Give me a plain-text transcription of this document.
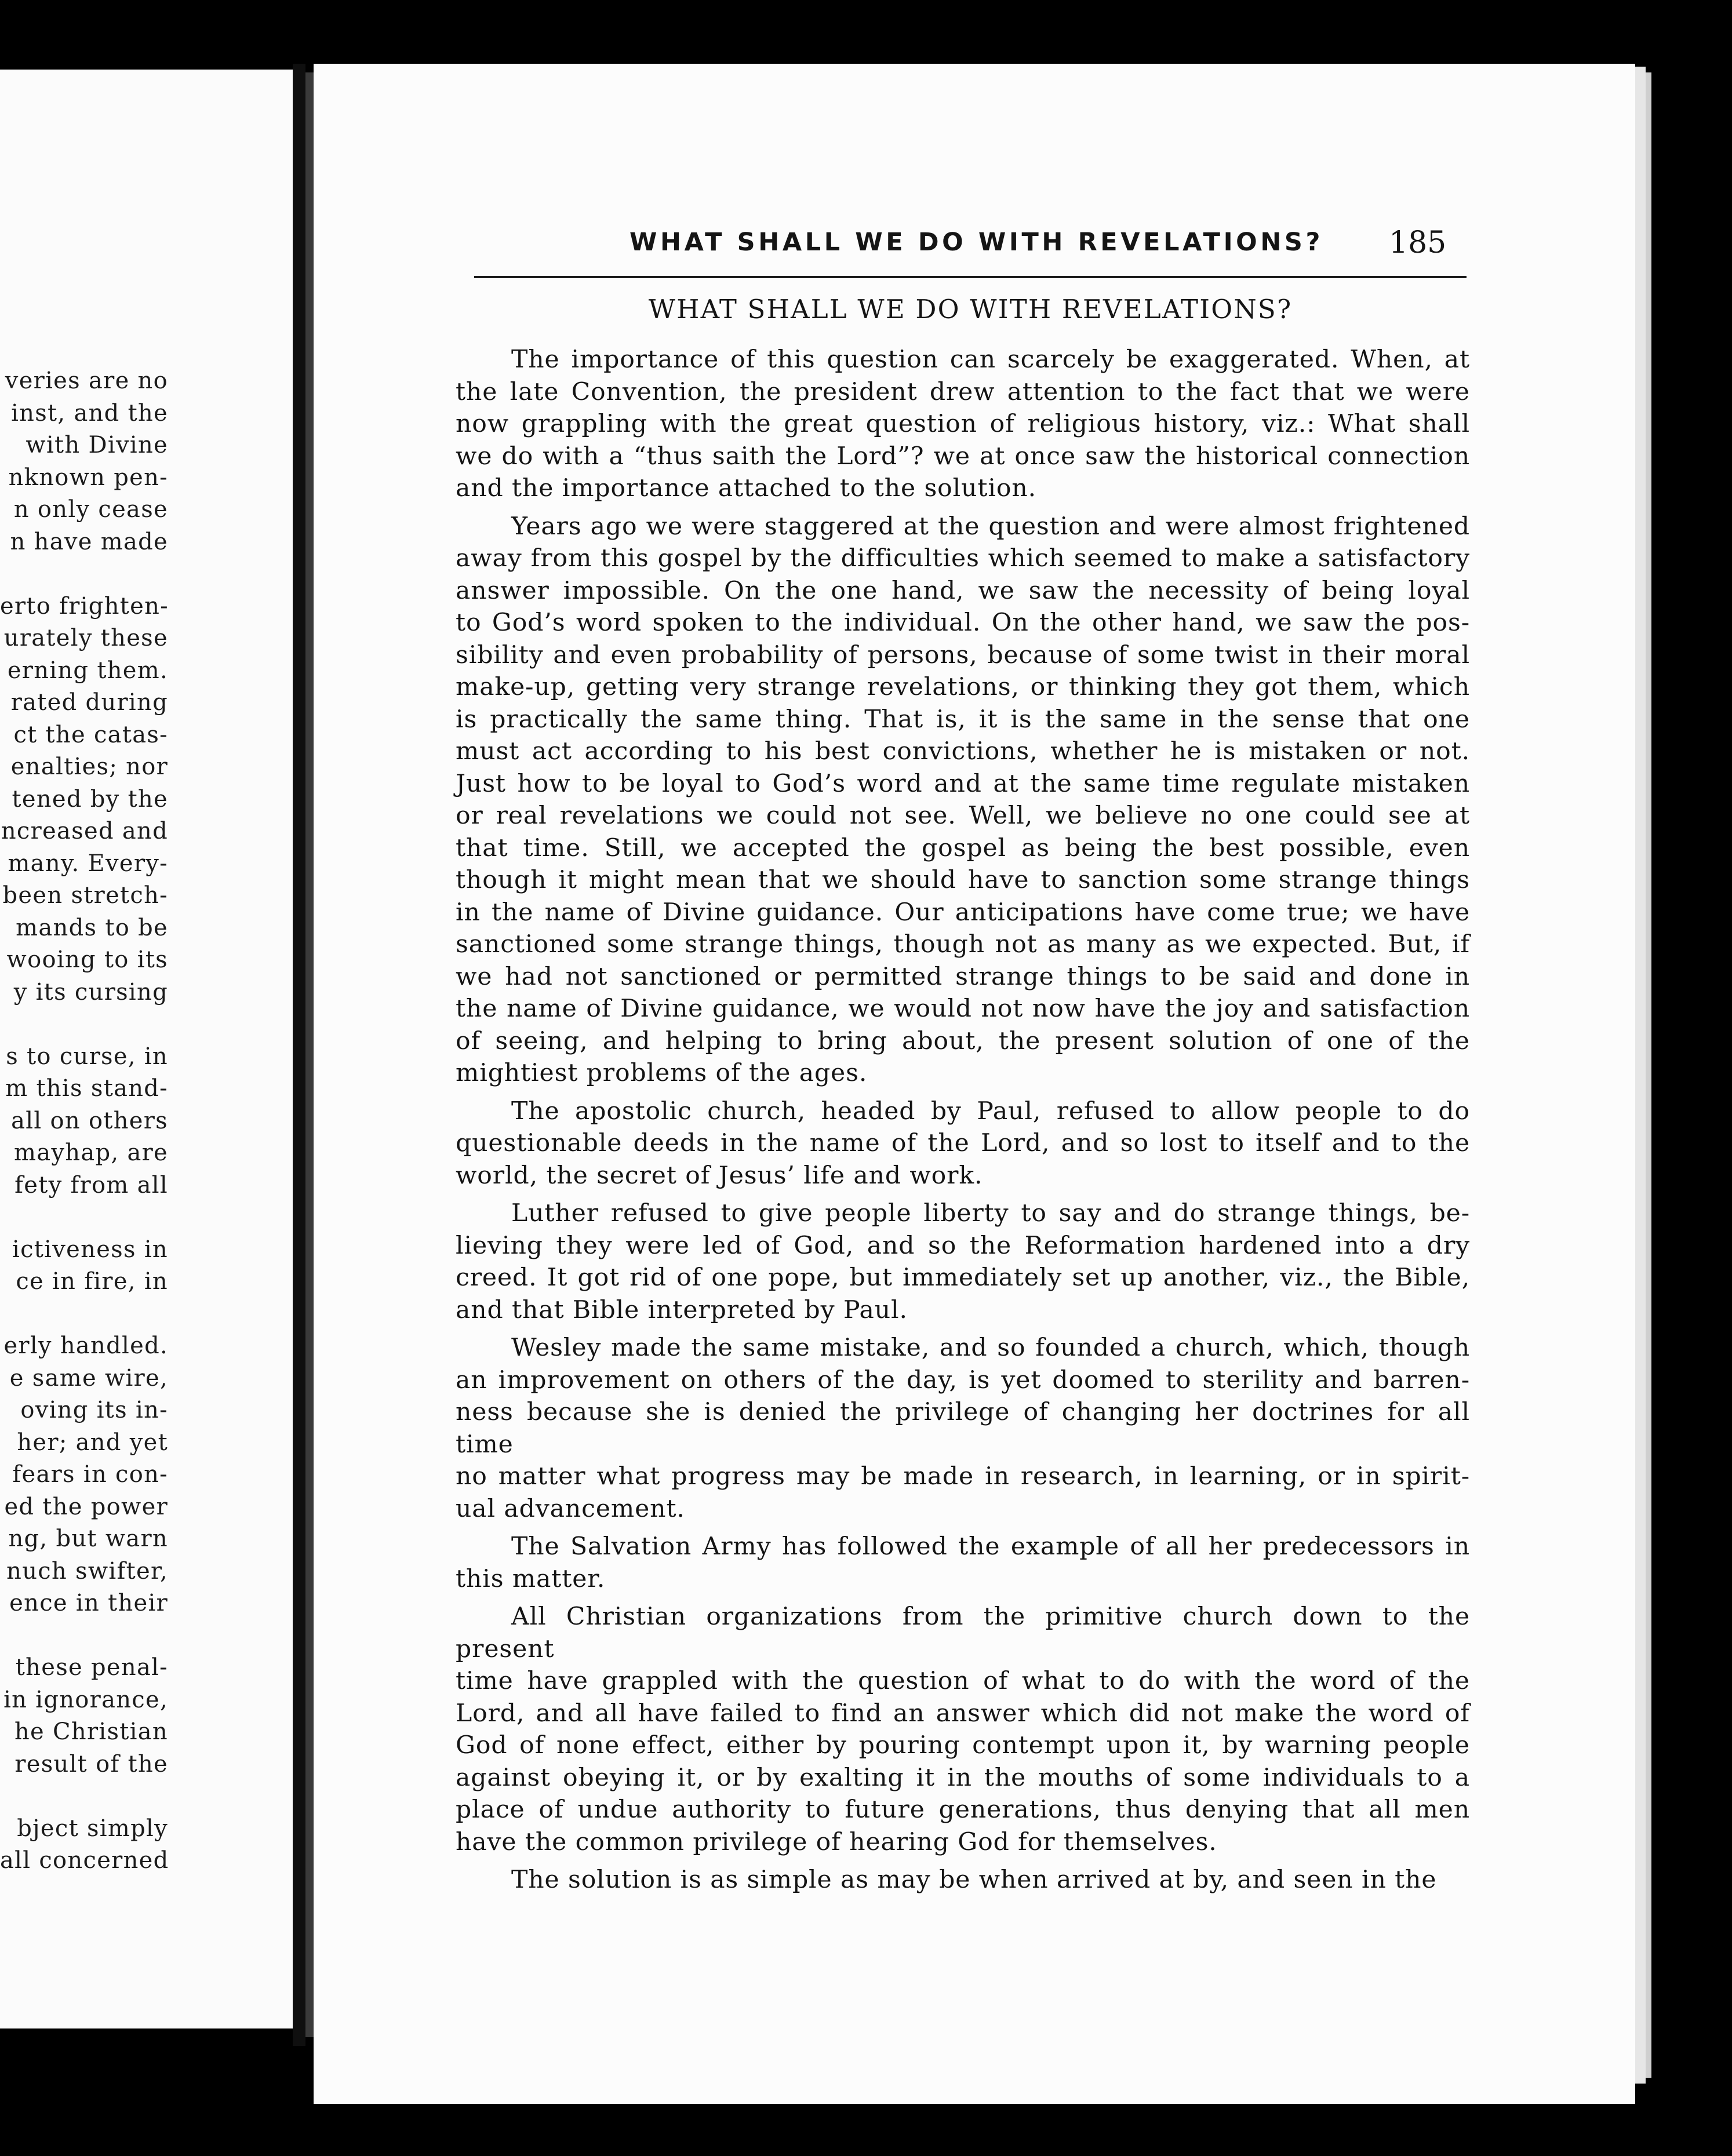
veries are no
inst, and the
with Divine
nknown pen-
n only cease
n have made
erto frighten-
urately these
erning them.
rated during
ct the catas-
enalties; nor
tened by the
ncreased and
many. Every-
been stretch-
mands to be
wooing to its
y its cursing
s to curse, in
m this stand-
all on others
mayhap, are
fety from all
ictiveness in
ce in fire, in
erly handled.
e same wire,
oving its in-
her; and yet
fears in con-
ed the power
ng, but warn
nuch swifter,
ence in their
these penal-
in ignorance,
he Christian
result of the
bject simply
all concerned
WHAT SHALL WE DO WITH REVELATIONS? 185
WHAT SHALL WE DO WITH REVELATIONS?
The importance of this question can scarcely be exaggerated. When, at
the late Convention, the president drew attention to the fact that we were
now grappling with the great question of religious history, viz.: What shall
we do with a “thus saith the Lord”? we at once saw the historical connection
and the importance attached to the solution.
Years ago we were staggered at the question and were almost frightened
away from this gospel by the difficulties which seemed to make a satisfactory
answer impossible. On the one hand, we saw the necessity of being loyal
to God’s word spoken to the individual. On the other hand, we saw the pos-
sibility and even probability of persons, because of some twist in their moral
make-up, getting very strange revelations, or thinking they got them, which
is practically the same thing. That is, it is the same in the sense that one
must act according to his best convictions, whether he is mistaken or not.
Just how to be loyal to God’s word and at the same time regulate mistaken
or real revelations we could not see. Well, we believe no one could see at
that time. Still, we accepted the gospel as being the best possible, even
though it might mean that we should have to sanction some strange things
in the name of Divine guidance. Our anticipations have come true; we have
sanctioned some strange things, though not as many as we expected. But, if
we had not sanctioned or permitted strange things to be said and done in
the name of Divine guidance, we would not now have the joy and satisfaction
of seeing, and helping to bring about, the present solution of one of the
mightiest problems of the ages.
The apostolic church, headed by Paul, refused to allow people to do
questionable deeds in the name of the Lord, and so lost to itself and to the
world, the secret of Jesus’ life and work.
Luther refused to give people liberty to say and do strange things, be-
lieving they were led of God, and so the Reformation hardened into a dry
creed. It got rid of one pope, but immediately set up another, viz., the Bible,
and that Bible interpreted by Paul.
Wesley made the same mistake, and so founded a church, which, though
an improvement on others of the day, is yet doomed to sterility and barren-
ness because she is denied the privilege of changing her doctrines for all time
no matter what progress may be made in research, in learning, or in spirit-
ual advancement.
The Salvation Army has followed the example of all her predecessors in
this matter.
All Christian organizations from the primitive church down to the present
time have grappled with the question of what to do with the word of the
Lord, and all have failed to find an answer which did not make the word of
God of none effect, either by pouring contempt upon it, by warning people
against obeying it, or by exalting it in the mouths of some individuals to a
place of undue authority to future generations, thus denying that all men
have the common privilege of hearing God for themselves.
The solution is as simple as may be when arrived at by, and seen in the
